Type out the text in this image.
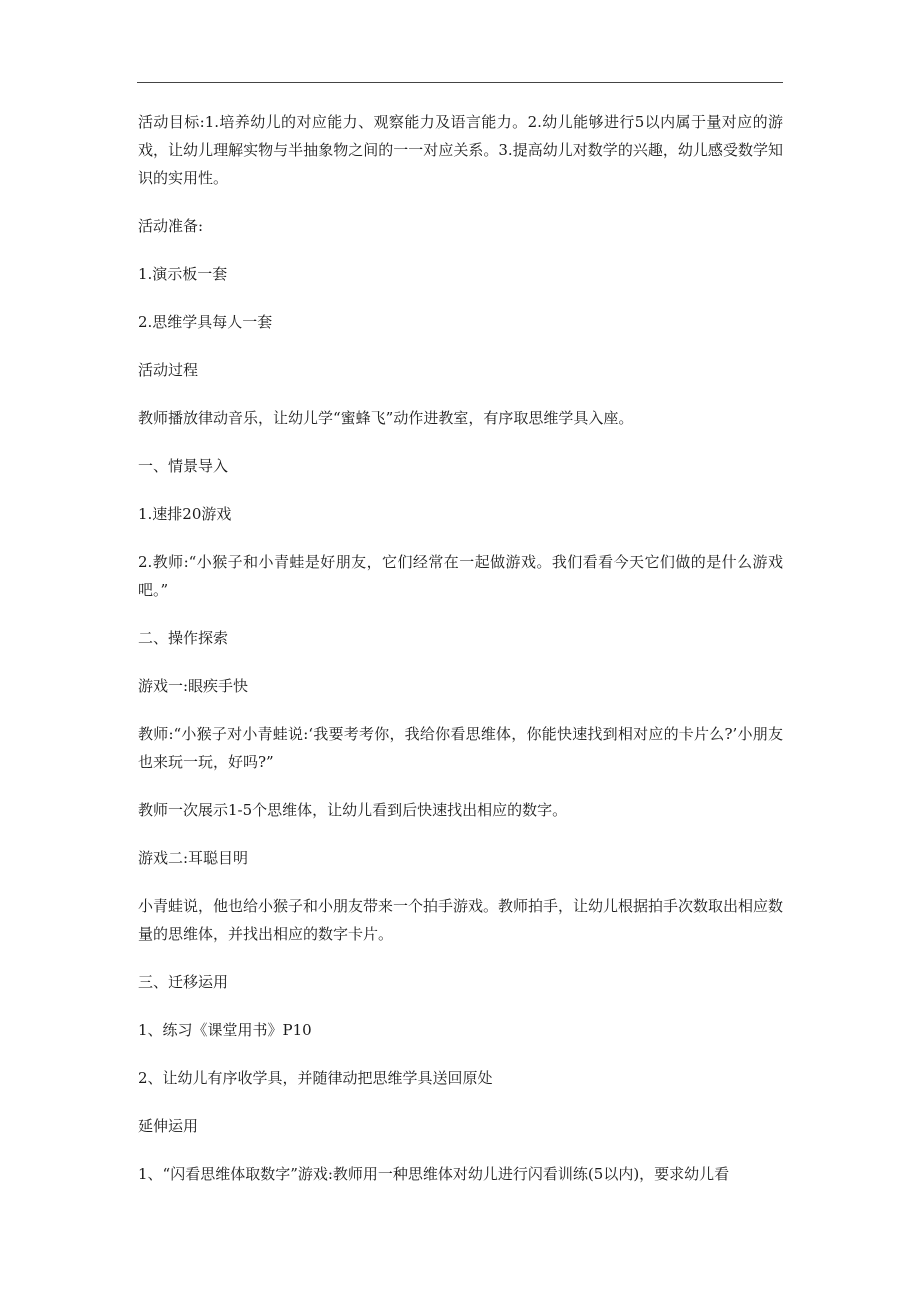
活动目标:1.培养幼儿的对应能力、观察能力及语言能力。2.幼儿能够进行5以内属于量对应的游戏，让幼儿理解实物与半抽象物之间的一一对应关系。3.提高幼儿对数学的兴趣，幼儿感受数学知识的实用性。

活动准备:

1.演示板一套

2.思维学具每人一套

活动过程

教师播放律动音乐，让幼儿学“蜜蜂飞”动作进教室，有序取思维学具入座。

一、情景导入

1.速排20游戏

2.教师:“小猴子和小青蛙是好朋友，它们经常在一起做游戏。我们看看今天它们做的是什么游戏吧。”

二、操作探索

游戏一:眼疾手快

教师:“小猴子对小青蛙说:‘我要考考你，我给你看思维体，你能快速找到相对应的卡片么?’小朋友也来玩一玩，好吗?”

教师一次展示1-5个思维体，让幼儿看到后快速找出相应的数字。

游戏二:耳聪目明

小青蛙说，他也给小猴子和小朋友带来一个拍手游戏。教师拍手，让幼儿根据拍手次数取出相应数量的思维体，并找出相应的数字卡片。

三、迁移运用

1、练习《课堂用书》P10

2、让幼儿有序收学具，并随律动把思维学具送回原处

延伸运用

1、“闪看思维体取数字”游戏:教师用一种思维体对幼儿进行闪看训练(5以内)，要求幼儿看
